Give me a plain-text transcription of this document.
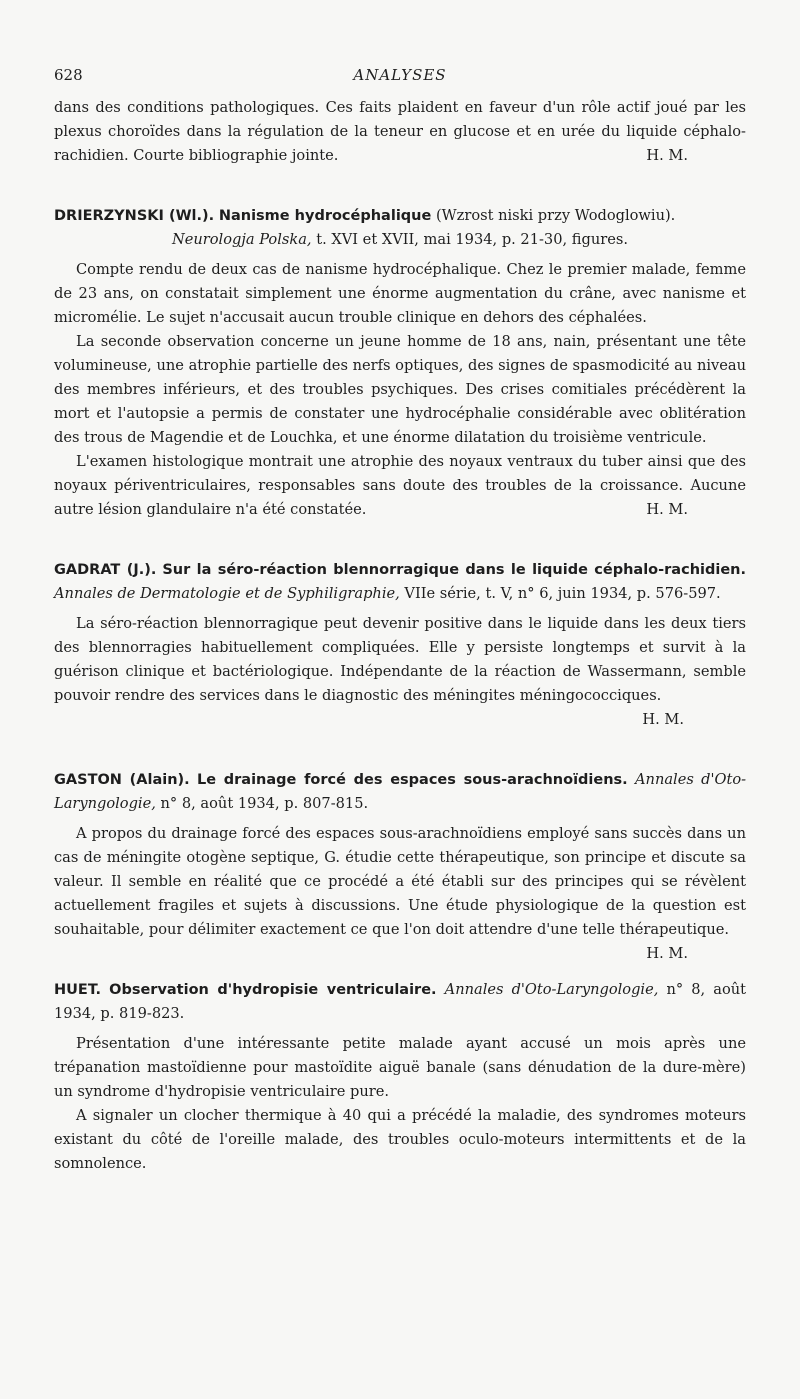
628	ANALYSES

dans des conditions pathologiques. Ces faits plaident en faveur d'un rôle actif joué par les plexus choroïdes dans la régulation de la teneur en glucose et en urée du liquide céphalo-rachidien. Courte bibliographie jointe.	H. M.

DRIERZYNSKI (Wl.). Nanisme hydrocéphalique (Wzrost niski przy Wodoglowiu).
Neurologja Polska, t. XVI et XVII, mai 1934, p. 21-30, figures.

Compte rendu de deux cas de nanisme hydrocéphalique. Chez le premier malade, femme de 23 ans, on constatait simplement une énorme augmentation du crâne, avec nanisme et micromélie. Le sujet n'accusait aucun trouble clinique en dehors des céphalées.

La seconde observation concerne un jeune homme de 18 ans, nain, présentant une tête volumineuse, une atrophie partielle des nerfs optiques, des signes de spasmodicité au niveau des membres inférieurs, et des troubles psychiques. Des crises comitiales précédèrent la mort et l'autopsie a permis de constater une hydrocéphalie considérable avec oblitération des trous de Magendie et de Louchka, et une énorme dilatation du troisième ventricule.

L'examen histologique montrait une atrophie des noyaux ventraux du tuber ainsi que des noyaux périventriculaires, responsables sans doute des troubles de la croissance. Aucune autre lésion glandulaire n'a été constatée.	H. M.

GADRAT (J.). Sur la séro-réaction blennorragique dans le liquide céphalo-rachidien. Annales de Dermatologie et de Syphiligraphie, VIIe série, t. V, n° 6, juin 1934, p. 576-597.

La séro-réaction blennorragique peut devenir positive dans le liquide dans les deux tiers des blennorragies habituellement compliquées. Elle y persiste longtemps et survit à la guérison clinique et bactériologique. Indépendante de la réaction de Wassermann, semble pouvoir rendre des services dans le diagnostic des méningites méningococciques.

H. M.

GASTON (Alain). Le drainage forcé des espaces sous-arachnoïdiens. Annales d'Oto-Laryngologie, n° 8, août 1934, p. 807-815.

A propos du drainage forcé des espaces sous-arachnoïdiens employé sans succès dans un cas de méningite otogène septique, G. étudie cette thérapeutique, son principe et discute sa valeur. Il semble en réalité que ce procédé a été établi sur des principes qui se révèlent actuellement fragiles et sujets à discussions. Une étude physiologique de la question est souhaitable, pour délimiter exactement ce que l'on doit attendre d'une telle thérapeutique.
H. M.

HUET. Observation d'hydropisie ventriculaire. Annales d'Oto-Laryngologie, n° 8, août 1934, p. 819-823.

Présentation d'une intéressante petite malade ayant accusé un mois après une trépanation mastoïdienne pour mastoïdite aiguë banale (sans dénudation de la dure-mère) un syndrome d'hydropisie ventriculaire pure.

A signaler un clocher thermique à 40 qui a précédé la maladie, des syndromes moteurs existant du côté de l'oreille malade, des troubles oculo-moteurs intermittents et de la somnolence.
